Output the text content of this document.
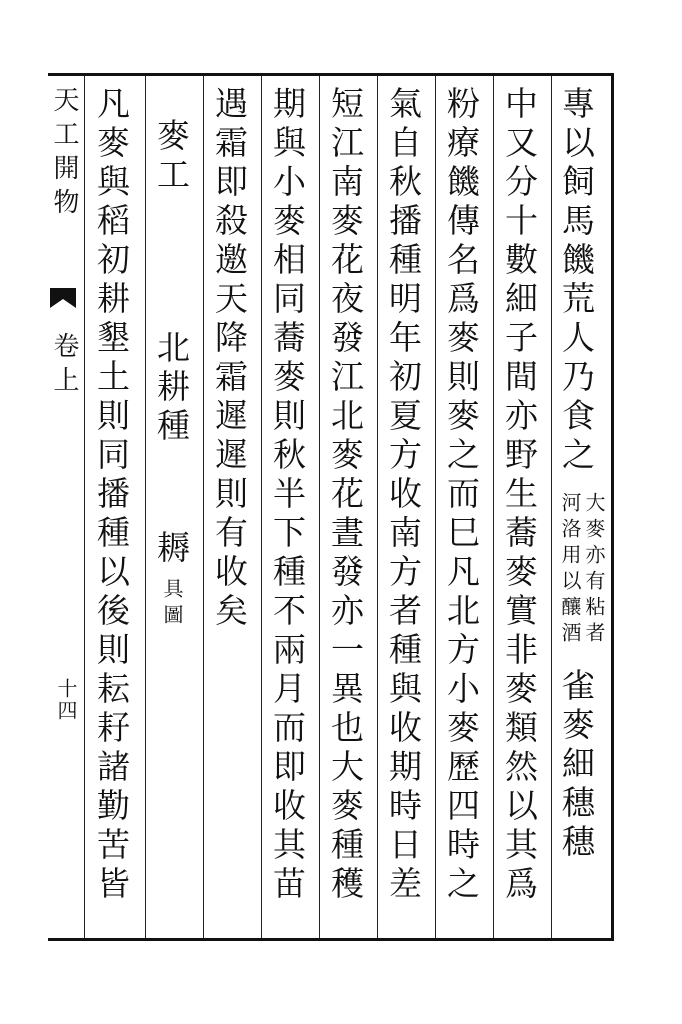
天工開物
卷上
十四
專以飼馬饑荒人乃食之
大麥亦有粘者
河洛用以釀酒
雀麥細穗穗
中又分十數細子間亦野生蕎麥實非麥類然以其爲
粉療饑傳名爲麥則麥之而巳凡北方小麥歷四時之
氣自秋播種明年初夏方收南方者種與收期時日差
短江南麥花夜發江北麥花晝發亦一異也大麥種穫
期與小麥相同蕎麥則秋半下種不兩月而即收其苗
遇霜即殺邀天降霜遲遲則有收矣
麥工
北耕種
耨
具圖
凡麥與稻初耕墾土則同播種以後則耘耔諸勤苦皆
